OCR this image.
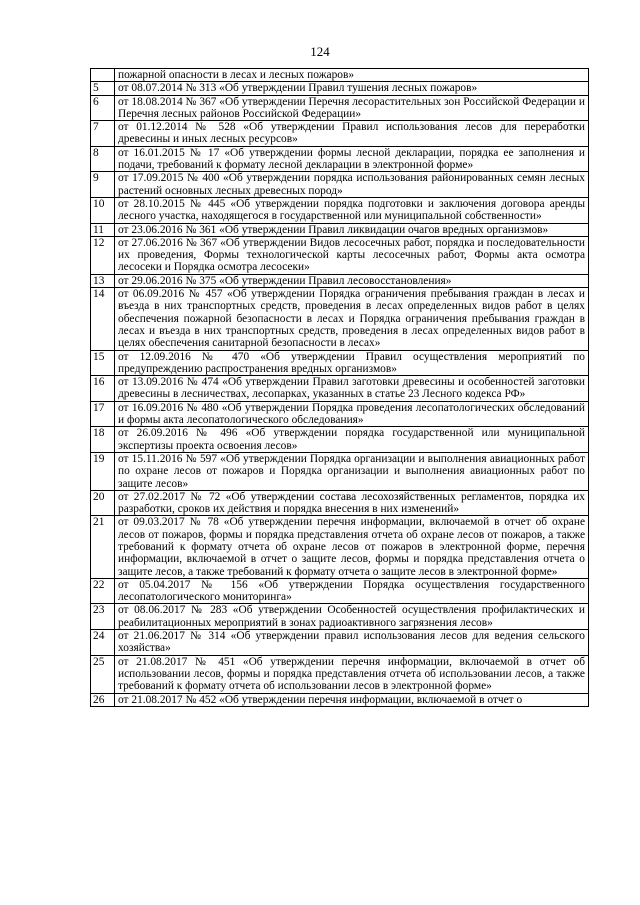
124
	пожарной опасности в лесах и лесных пожаров»
5	от 08.07.2014 № 313 «Об утверждении Правил тушения лесных пожаров»
6	от 18.08.2014 № 367 «Об утверждении Перечня лесорастительных зон Российской Федерации и Перечня лесных районов Российской Федерации»
7	от 01.12.2014 № 528 «Об утверждении Правил использования лесов для переработки древесины и иных лесных ресурсов»
8	от 16.01.2015 № 17 «Об утверждении формы лесной декларации, порядка ее заполнения и подачи, требований к формату лесной декларации в электронной форме»
9	от 17.09.2015 № 400 «Об утверждении порядка использования районированных семян лесных растений основных лесных древесных пород»
10	от 28.10.2015 № 445 «Об утверждении порядка подготовки и заключения договора аренды лесного участка, находящегося в государственной или муниципальной собственности»
11	от 23.06.2016 № 361 «Об утверждении Правил ликвидации очагов вредных организмов»
12	от 27.06.2016 № 367 «Об утверждении Видов лесосечных работ, порядка и последовательности их проведения, Формы технологической карты лесосечных работ, Формы акта осмотра лесосеки и Порядка осмотра лесосеки»
13	от 29.06.2016 № 375 «Об утверждении Правил лесовосстановления»
14	от 06.09.2016 № 457 «Об утверждении Порядка ограничения пребывания граждан в лесах и въезда в них транспортных средств, проведения в лесах определенных видов работ в целях обеспечения пожарной безопасности в лесах и Порядка ограничения пребывания граждан в лесах и въезда в них транспортных средств, проведения в лесах определенных видов работ в целях обеспечения санитарной безопасности в лесах»
15	от 12.09.2016 № 470 «Об утверждении Правил осуществления мероприятий по предупреждению распространения вредных организмов»
16	от 13.09.2016 № 474 «Об утверждении Правил заготовки древесины и особенностей заготовки древесины в лесничествах, лесопарках, указанных в статье 23 Лесного кодекса РФ»
17	от 16.09.2016 № 480 «Об утверждении Порядка проведения лесопатологических обследований и формы акта лесопатологического обследования»
18	от 26.09.2016 № 496 «Об утверждении порядка государственной или муниципальной экспертизы проекта освоения лесов»
19	от 15.11.2016 № 597 «Об утверждении Порядка организации и выполнения авиационных работ по охране лесов от пожаров и Порядка организации и выполнения авиационных работ по защите лесов»
20	от 27.02.2017 № 72 «Об утверждении состава лесохозяйственных регламентов, порядка их разработки, сроков их действия и порядка внесения в них изменений»
21	от 09.03.2017 № 78 «Об утверждении перечня информации, включаемой в отчет об охране лесов от пожаров, формы и порядка представления отчета об охране лесов от пожаров, а также требований к формату отчета об охране лесов от пожаров в электронной форме, перечня информации, включаемой в отчет о защите лесов, формы и порядка представления отчета о защите лесов, а также требований к формату отчета о защите лесов в электронной форме»
22	от 05.04.2017 № 156 «Об утверждении Порядка осуществления государственного лесопатологического мониторинга»
23	от 08.06.2017 № 283 «Об утверждении Особенностей осуществления профилактических и реабилитационных мероприятий в зонах радиоактивного загрязнения лесов»
24	от 21.06.2017 № 314 «Об утверждении правил использования лесов для ведения сельского хозяйства»
25	от 21.08.2017 № 451 «Об утверждении перечня информации, включаемой в отчет об использовании лесов, формы и порядка представления отчета об использовании лесов, а также требований к формату отчета об использовании лесов в электронной форме»
26	от 21.08.2017 № 452 «Об утверждении перечня информации, включаемой в отчет о
